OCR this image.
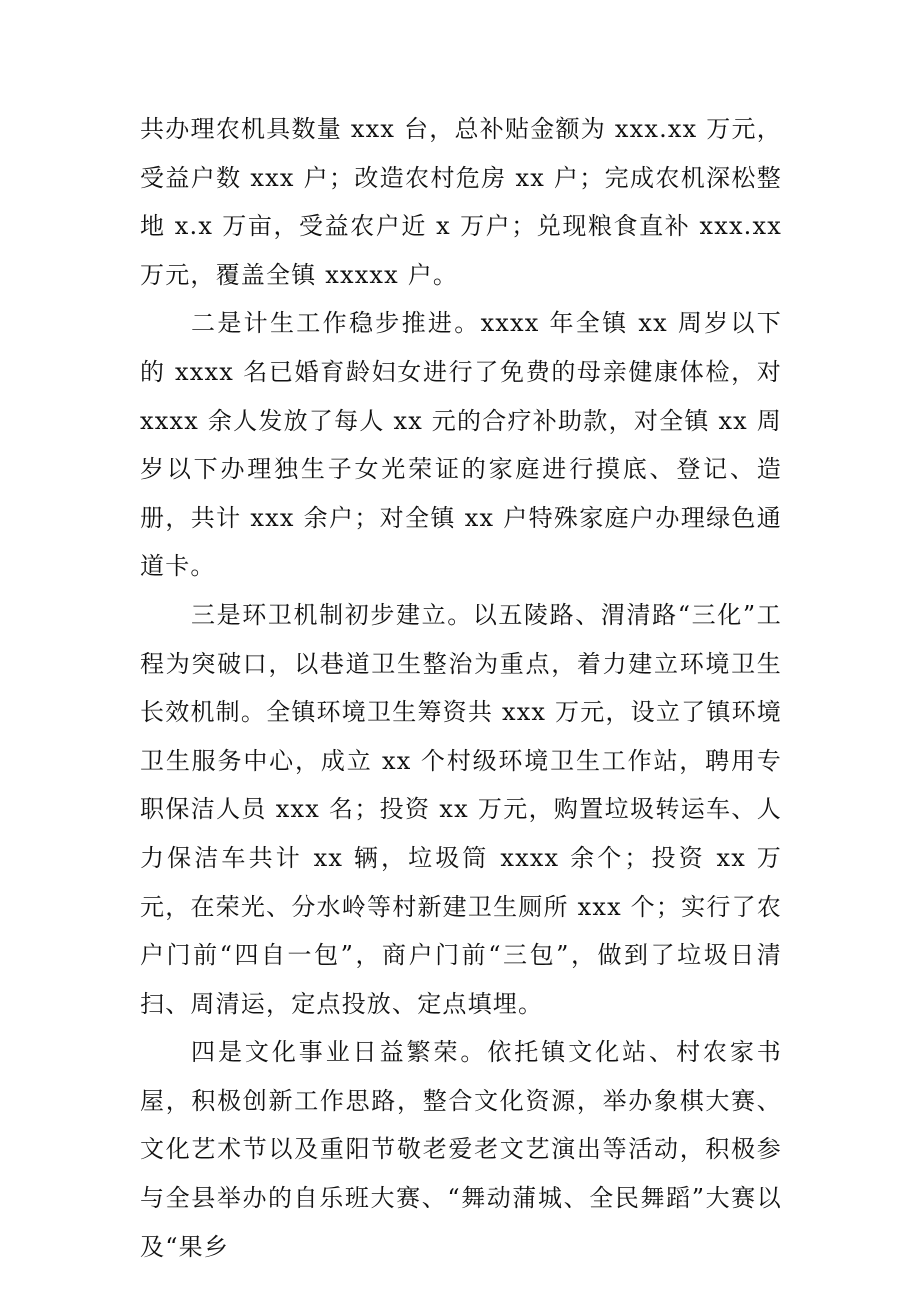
共办理农机具数量 xxx 台，总补贴金额为 xxx.xx 万元，受益户数 xxx 户；改造农村危房 xx 户；完成农机深松整地 x.x 万亩，受益农户近 x 万户；兑现粮食直补 xxx.xx 万元，覆盖全镇 xxxxx 户。

二是计生工作稳步推进。xxxx 年全镇 xx 周岁以下的 xxxx 名已婚育龄妇女进行了免费的母亲健康体检，对 xxxx 余人发放了每人 xx 元的合疗补助款，对全镇 xx 周岁以下办理独生子女光荣证的家庭进行摸底、登记、造册，共计 xxx 余户；对全镇 xx 户特殊家庭户办理绿色通道卡。

三是环卫机制初步建立。以五陵路、渭清路“三化”工程为突破口，以巷道卫生整治为重点，着力建立环境卫生长效机制。全镇环境卫生筹资共 xxx 万元，设立了镇环境卫生服务中心，成立 xx 个村级环境卫生工作站，聘用专职保洁人员 xxx 名；投资 xx 万元，购置垃圾转运车、人力保洁车共计 xx 辆，垃圾筒 xxxx 余个；投资 xx 万元，在荣光、分水岭等村新建卫生厕所 xxx 个；实行了农户门前“四自一包”，商户门前“三包”，做到了垃圾日清扫、周清运，定点投放、定点填埋。

四是文化事业日益繁荣。依托镇文化站、村农家书屋，积极创新工作思路，整合文化资源，举办象棋大赛、文化艺术节以及重阳节敬老爱老文艺演出等活动，积极参与全县举办的自乐班大赛、“舞动蒲城、全民舞蹈”大赛以及“果乡
